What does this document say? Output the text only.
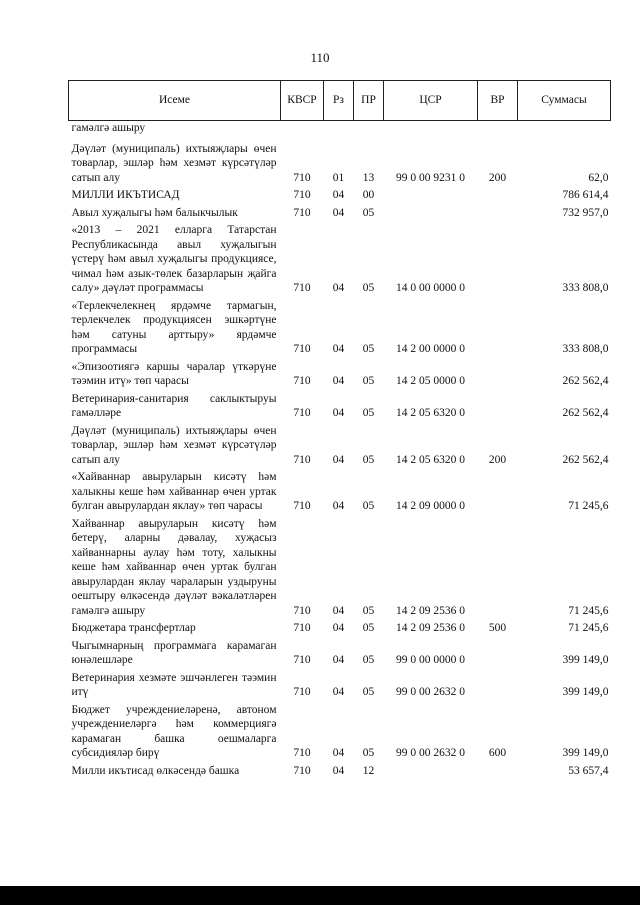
110
Исеме	КВСР	Рз	ПР	ЦСР	ВР	Суммасы
гамәлгә ашыру						
Дәүләт (муниципаль) ихтыяҗлары өчен товарлар, эшләр һәм хезмәт күрсәтүләр сатып алу	710	01	13	99 0 00 9231 0	200	62,0
МИЛЛИ ИКЪТИСАД	710	04	00			786 614,4
Авыл хуҗалыгы һәм балыкчылык	710	04	05			732 957,0
«2013 – 2021 елларга Татарстан Республикасында авыл хуҗалыгын үстерү һәм авыл хуҗалыгы продукциясе, чимал һәм азык-төлек базарларын җайга салу» дәүләт программасы	710	04	05	14 0 00 0000 0		333 808,0
«Терлекчелекнең ярдәмче тармагын, терлекчелек продукциясен эшкәртүне һәм сатуны арттыру» ярдәмче программасы	710	04	05	14 2 00 0000 0		333 808,0
«Эпизоотиягә каршы чаралар үткәрүне тәэмин итү» төп чарасы	710	04	05	14 2 05 0000 0		262 562,4
Ветеринария-санитария саклыктыруы гамәлләре	710	04	05	14 2 05 6320 0		262 562,4
Дәүләт (муниципаль) ихтыяҗлары өчен товарлар, эшләр һәм хезмәт күрсәтүләр сатып алу	710	04	05	14 2 05 6320 0	200	262 562,4
«Хайваннар авыруларын кисәтү һәм халыкны кеше һәм хайваннар өчен уртак булган авырулардан яклау» төп чарасы	710	04	05	14 2 09 0000 0		71 245,6
Хайваннар авыруларын кисәтү һәм бетерү, аларны дәвалау, хуҗасыз хайваннарны аулау һәм тоту, халыкны кеше һәм хайваннар өчен уртак булган авырулардан яклау чараларын уздыруны оештыру өлкәсендә дәүләт вәкаләтләрен гамәлгә ашыру	710	04	05	14 2 09 2536 0		71 245,6
Бюджетара трансфертлар	710	04	05	14 2 09 2536 0	500	71 245,6
Чыгымнарның программага карамаган юнәлешләре	710	04	05	99 0 00 0000 0		399 149,0
Ветеринария хезмәте эшчәнлеген тәэмин итү	710	04	05	99 0 00 2632 0		399 149,0
Бюджет учреждениеләренә, автоном учреждениеләргә һәм коммерциягә карамаган башка оешмаларга субсидияләр бирү	710	04	05	99 0 00 2632 0	600	399 149,0
Милли икътисад өлкәсендә башка	710	04	12			53 657,4
